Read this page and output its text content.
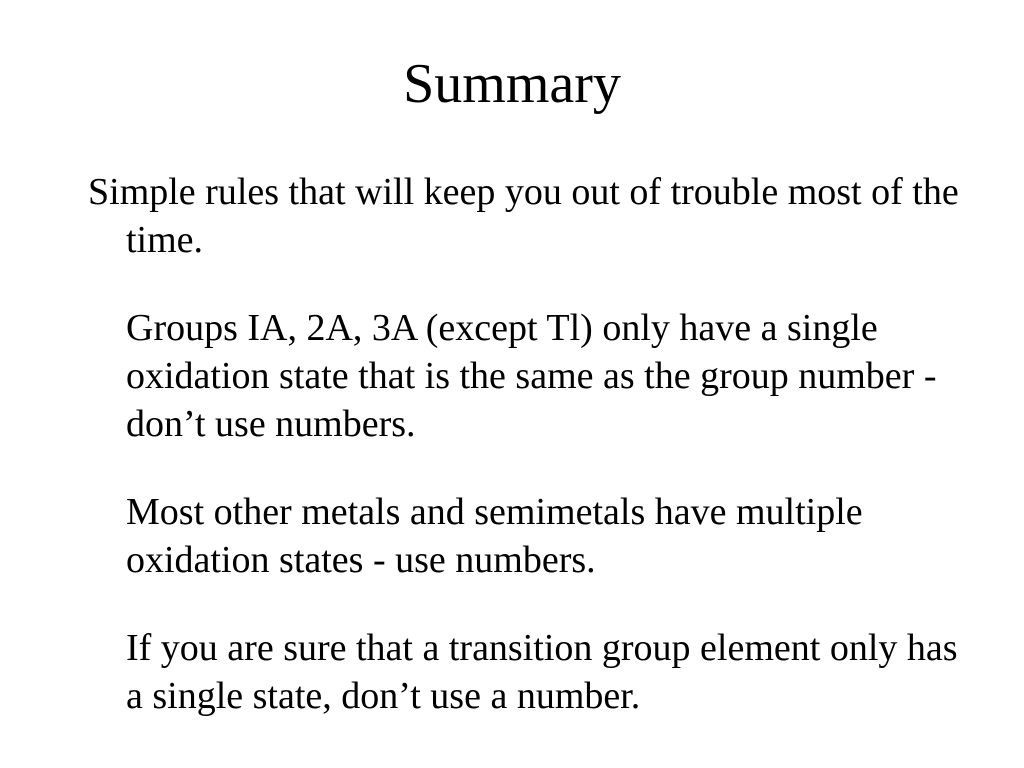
Summary

Simple rules that will keep you out of trouble most of the time.

Groups IA, 2A, 3A (except Tl) only have a single oxidation state that is the same as the group number - don’t use numbers.

Most other metals and semimetals have multiple oxidation states - use numbers.

If you are sure that a transition group element only has a single state, don’t use a number.
